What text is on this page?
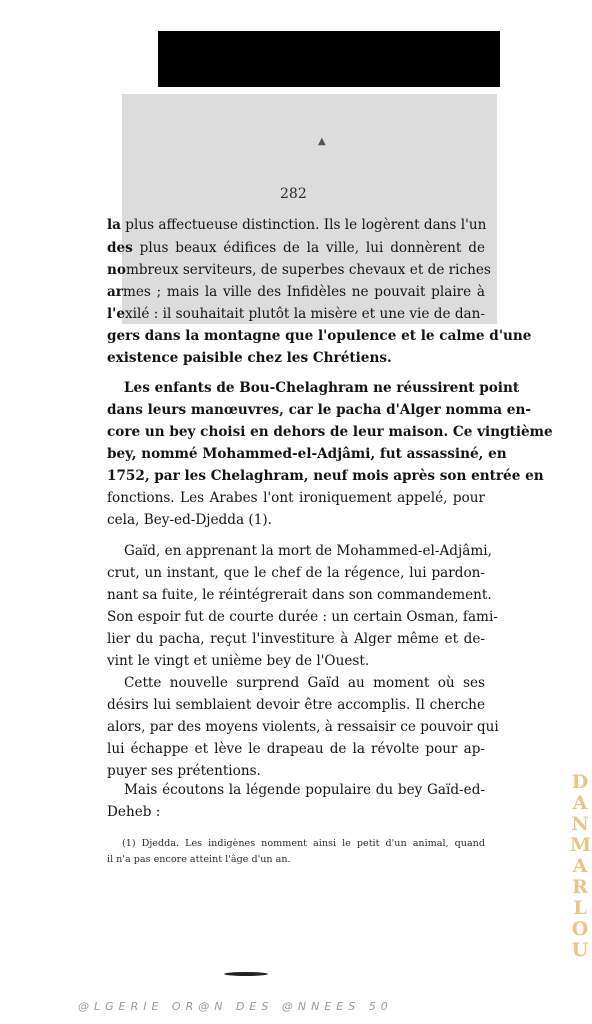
▲
282

la plus affectueuse distinction. Ils le logèrent dans l'un

des plus beaux édifices de la ville, lui donnèrent de

nombreux serviteurs, de superbes chevaux et de riches

armes ; mais la ville des Infidèles ne pouvait plaire à

l'exilé : il souhaitait plutôt la misère et une vie de dan-

gers dans la montagne que l'opulence et le calme d'une

existence paisible chez les Chrétiens.

Les enfants de Bou-Chelaghram ne réussirent point

dans leurs manœuvres, car le pacha d'Alger nomma en-

core un bey choisi en dehors de leur maison. Ce vingtième

bey, nommé Mohammed-el-Adjâmi, fut assassiné, en

1752, par les Chelaghram, neuf mois après son entrée en

fonctions. Les Arabes l'ont ironiquement appelé, pour

cela, Bey-ed-Djedda (1).

Gaïd, en apprenant la mort de Mohammed-el-Adjâmi,

crut, un instant, que le chef de la régence, lui pardon-

nant sa fuite, le réintégrerait dans son commandement.

Son espoir fut de courte durée : un certain Osman, fami-

lier du pacha, reçut l'investiture à Alger même et de-

vint le vingt et unième bey de l'Ouest.

Cette nouvelle surprend Gaïd au moment où ses

désirs lui semblaient devoir être accomplis. Il cherche

alors, par des moyens violents, à ressaisir ce pouvoir qui

lui échappe et lève le drapeau de la révolte pour ap-

puyer ses prétentions.

Mais écoutons la légende populaire du bey Gaïd-ed-

Deheb :

(1) Djedda. Les indigènes nomment ainsi le petit d'un animal, quand
il n'a pas encore atteint l'âge d'un an.
D
A
N
M
A
R
L
O
U
@LGERIE OR@N DES @NNEES 50
